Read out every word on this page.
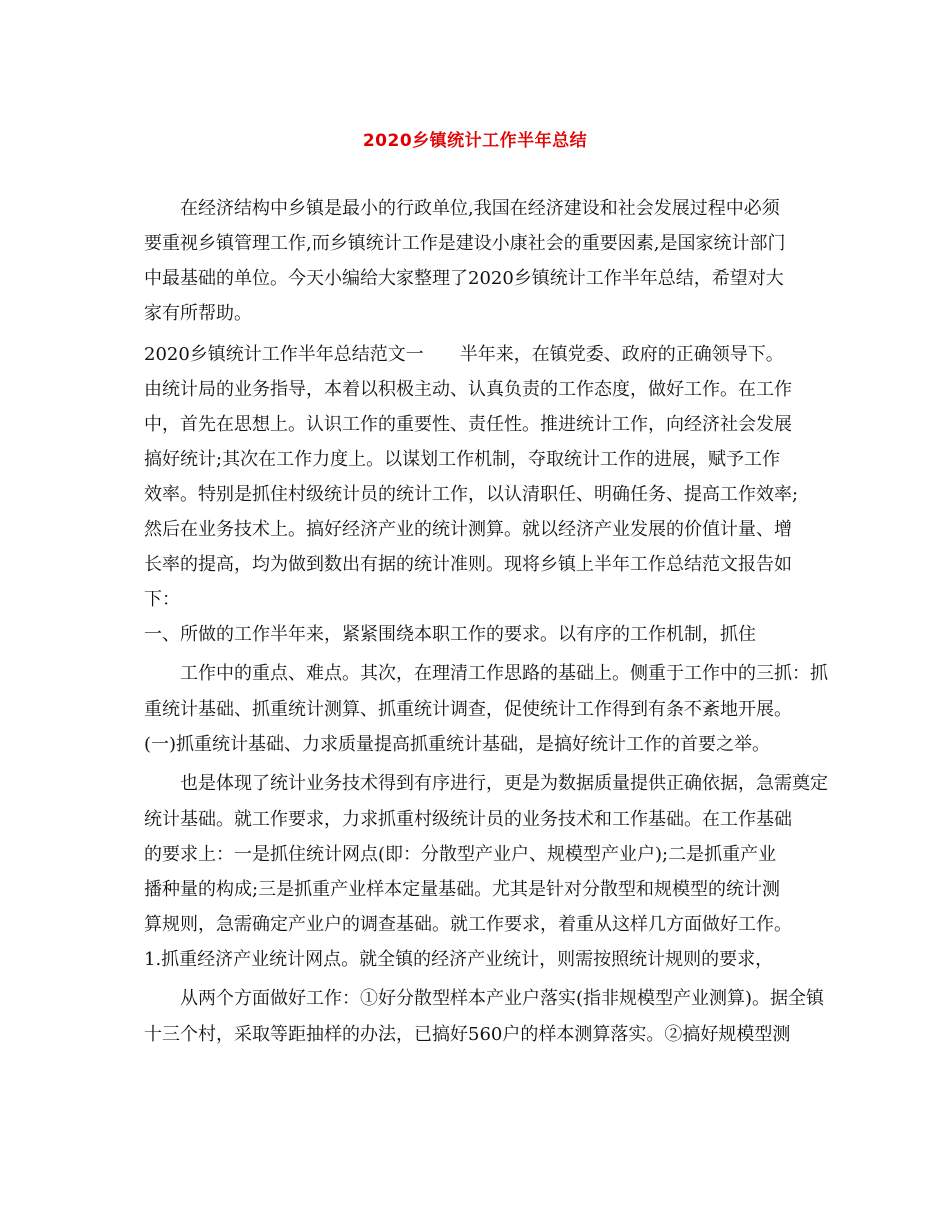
2020乡镇统计工作半年总结
在经济结构中乡镇是最小的行政单位,我国在经济建设和社会发展过程中必须
要重视乡镇管理工作,而乡镇统计工作是建设小康社会的重要因素,是国家统计部门
中最基础的单位。今天小编给大家整理了2020乡镇统计工作半年总结，希望对大
家有所帮助。
2020乡镇统计工作半年总结范文一　　半年来，在镇党委、政府的正确领导下。
由统计局的业务指导，本着以积极主动、认真负责的工作态度，做好工作。在工作
中，首先在思想上。认识工作的重要性、责任性。推进统计工作，向经济社会发展
搞好统计;其次在工作力度上。以谋划工作机制，夺取统计工作的进展，赋予工作
效率。特别是抓住村级统计员的统计工作，以认清职任、明确任务、提高工作效率;
然后在业务技术上。搞好经济产业的统计测算。就以经济产业发展的价值计量、增
长率的提高，均为做到数出有据的统计准则。现将乡镇上半年工作总结范文报告如
下：
一、所做的工作半年来，紧紧围绕本职工作的要求。以有序的工作机制，抓住
工作中的重点、难点。其次，在理清工作思路的基础上。侧重于工作中的三抓：抓
重统计基础、抓重统计测算、抓重统计调查，促使统计工作得到有条不紊地开展。
(一)抓重统计基础、力求质量提高抓重统计基础，是搞好统计工作的首要之举。
也是体现了统计业务技术得到有序进行，更是为数据质量提供正确依据，急需奠定
统计基础。就工作要求，力求抓重村级统计员的业务技术和工作基础。在工作基础
的要求上：一是抓住统计网点(即：分散型产业户、规模型产业户);二是抓重产业
播种量的构成;三是抓重产业样本定量基础。尤其是针对分散型和规模型的统计测
算规则，急需确定产业户的调查基础。就工作要求，着重从这样几方面做好工作。
1.抓重经济产业统计网点。就全镇的经济产业统计，则需按照统计规则的要求，
从两个方面做好工作：①好分散型样本产业户落实(指非规模型产业测算)。据全镇
十三个村，采取等距抽样的办法，已搞好560户的样本测算落实。②搞好规模型测
